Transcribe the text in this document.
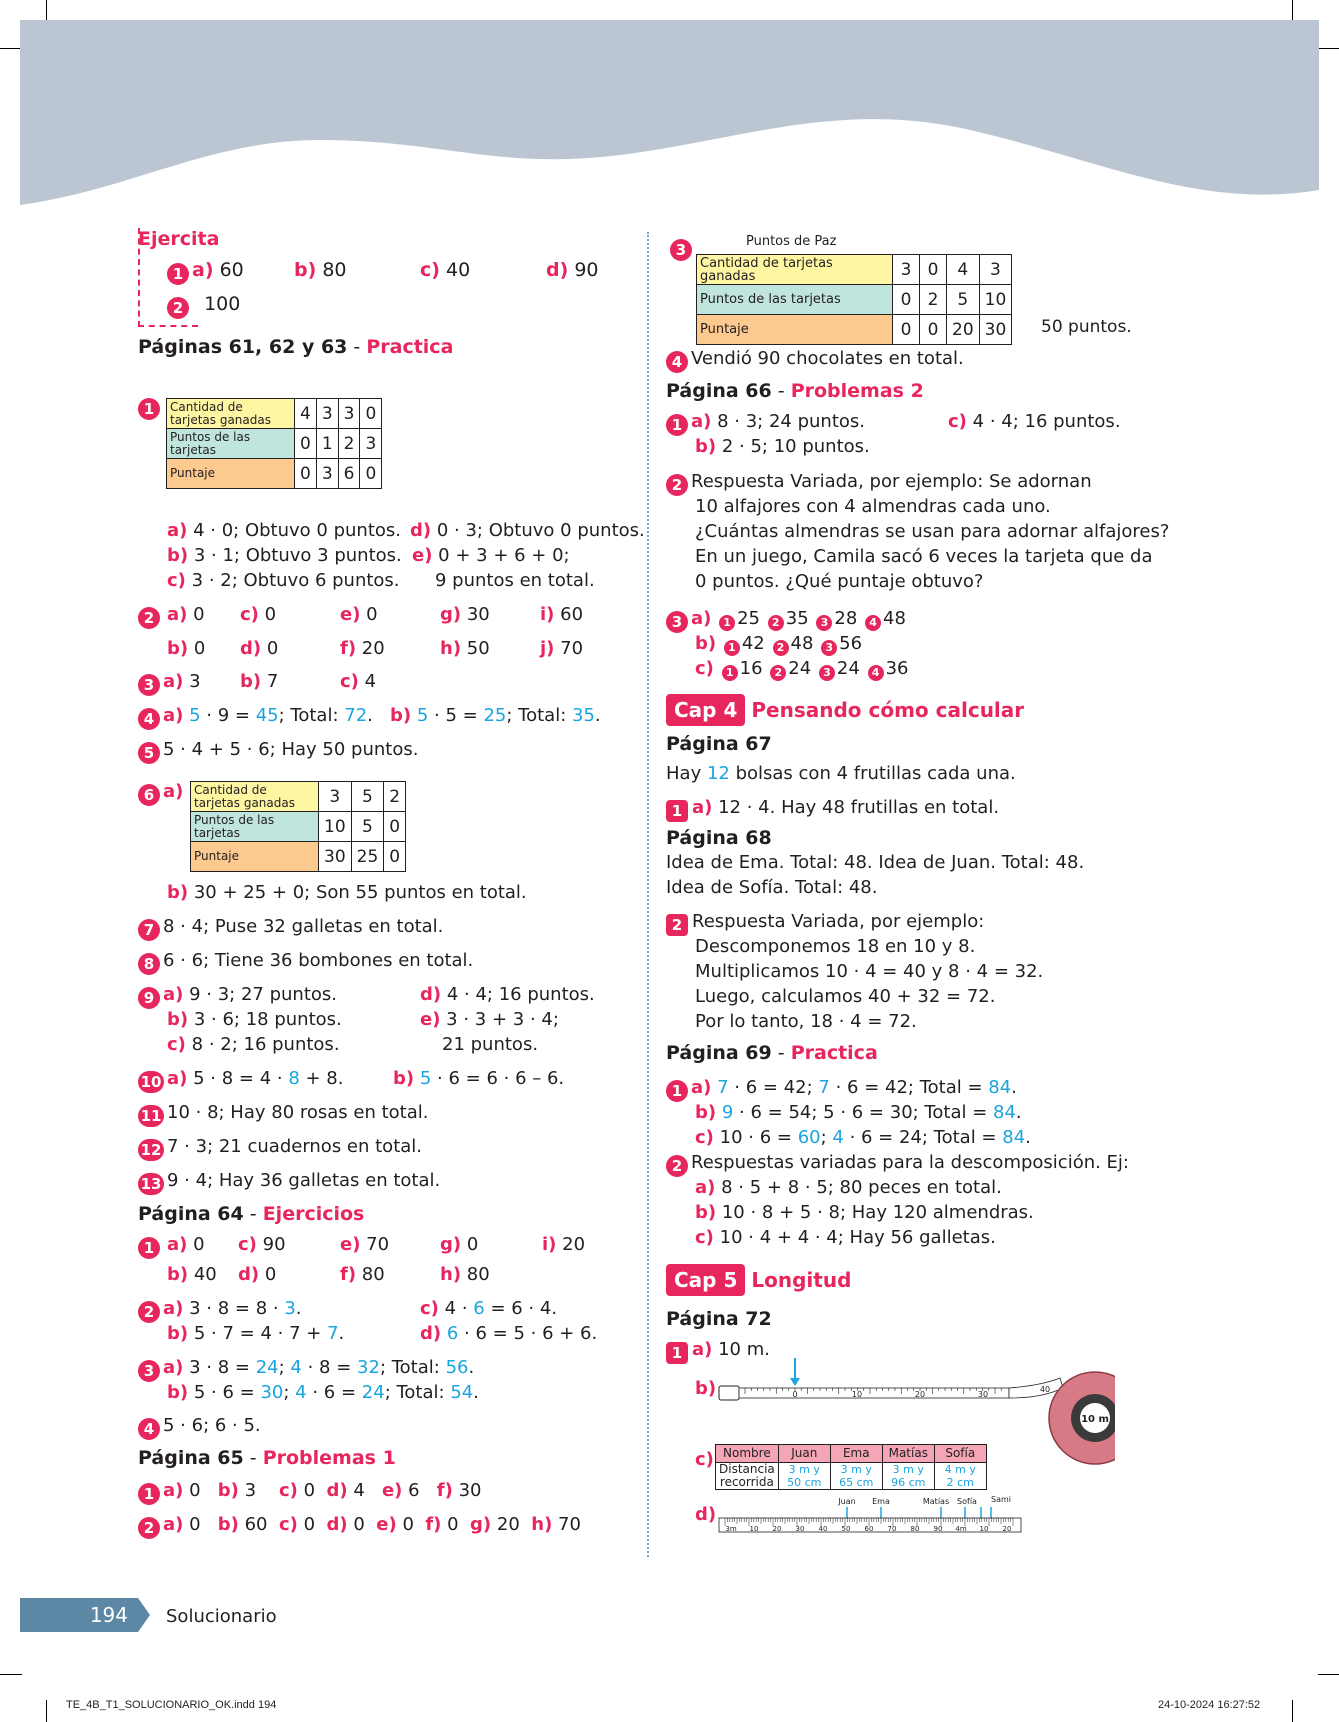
Ejercita
1 a) 60	b) 80	c) 40	d) 90
2 100
Páginas 61, 62 y 63 - Practica
1	Cantidad de tarjetas ganadas	4	3	3	0
Puntos de las tarjetas	0	1	2	3
Puntaje	0	3	6	0
a) 4 · 0; Obtuvo 0 puntos.
b) 3 · 1; Obtuvo 3 puntos.
c) 3 · 2; Obtuvo 6 puntos.
d) 0 · 3; Obtuvo 0 puntos.
e) 0 + 3 + 6 + 0;
9 puntos en total.
2 a) 0 c) 0	e) 0	g) 30	i) 60
b) 0 d) 0	f) 20	h) 50	j) 70
3 a) 3 b) 7	c) 4
4 a) 5 · 9 = 45; Total: 72. b) 5 · 5 = 25; Total: 35.
5 5 · 4 + 5 · 6; Hay 50 puntos.
6 a) Cantidad de tarjetas ganadas	3	5	2
Puntos de las tarjetas	10	5	0
Puntaje	30	25	0
b) 30 + 25 + 0; Son 55 puntos en total.
7 8 · 4; Puse 32 galletas en total.
8 6 · 6; Tiene 36 bombones en total.
9 a) 9 · 3; 27 puntos.
b) 3 · 6; 18 puntos.
c) 8 · 2; 16 puntos.
d) 4 · 4; 16 puntos.
e) 3 · 3 + 3 · 4;
21 puntos.
10 a) 5 · 8 = 4 · 8 + 8.	b) 5 · 6 = 6 · 6 – 6.
11 10 · 8; Hay 80 rosas en total.
12 7 · 3; 21 cuadernos en total.
13 9 · 4; Hay 36 galletas en total.
Página 64 - Ejercicios
1 a) 0 c) 90	e) 70	g) 0	i) 20
b) 40 d) 0	f) 80	h) 80
2 a) 3 · 8 = 8 · 3.
b) 5 · 7 = 4 · 7 + 7.
c) 4 · 6 = 6 · 4.
d) 6 · 6 = 5 · 6 + 6.
3 a) 3 · 8 = 24; 4 · 8 = 32; Total: 56.
b) 5 · 6 = 30; 4 · 6 = 24; Total: 54.
4 5 · 6; 6 · 5.
Página 65 - Problemas 1
1 a) 0 b) 3 c) 0 d) 4 e) 6 f) 30
2 a) 0 b) 60 c) 0 d) 0 e) 0 f) 0 g) 20 h) 70
3	Puntos de Paz
Cantidad de tarjetas ganadas	3	0	4	3
Puntos de las tarjetas	0	2	5	10
Puntaje	0	0	20	30 50 puntos.
4 Vendió 90 chocolates en total.
Página 66 - Problemas 2
1 a) 8 · 3; 24 puntos.
b) 2 · 5; 10 puntos.
c) 4 · 4; 16 puntos.
2 Respuesta Variada, por ejemplo: Se adornan
10 alfajores con 4 almendras cada uno.
¿Cuántas almendras se usan para adornar alfajores?
En un juego, Camila sacó 6 veces la tarjeta que da
0 puntos. ¿Qué puntaje obtuvo?
3 a) 1 25 2 35 3 28 4 48
b) 1 42 2 48 3 56
c) 1 16 2 24 3 24 4 36
Cap 4 Pensando cómo calcular
Página 67
Hay 12 bolsas con 4 frutillas cada una.
1 a) 12 · 4. Hay 48 frutillas en total.
Página 68
Idea de Ema. Total: 48. Idea de Juan. Total: 48.
Idea de Sofía. Total: 48.
2 Respuesta Variada, por ejemplo:
Descomponemos 18 en 10 y 8.
Multiplicamos 10 · 4 = 40 y 8 · 4 = 32.
Luego, calculamos 40 + 32 = 72.
Por lo tanto, 18 · 4 = 72.
Página 69 - Practica
1 a) 7 · 6 = 42; 7 · 6 = 42; Total = 84.
b) 9 · 6 = 54; 5 · 6 = 30; Total = 84.
c) 10 · 6 = 60; 4 · 6 = 24; Total = 84.
2 Respuestas variadas para la descomposición. Ej:
a) 8 · 5 + 8 · 5; 80 peces en total.
b) 10 · 8 + 5 · 8; Hay 120 almendras.
c) 10 · 4 + 4 · 4; Hay 56 galletas.
Cap 5 Longitud
Página 72
1 a) 10 m.
b)	0	10	20	30
40
10 m
c) Nombre	Juan	Ema	Matías	Sofía
Distancia recorrida	3 m y
50 cm	3 m y
65 cm	3 m y
96 cm	4 m y
2 cm
d)
Juan Ema	Matías Sofía Sami
3m 10 20 30 40 50 60 70 80 90 4m 10 20
194	Solucionario
TE_4B_T1_SOLUCIONARIO_OK.indd 194	24-10-2024 16:27:52
